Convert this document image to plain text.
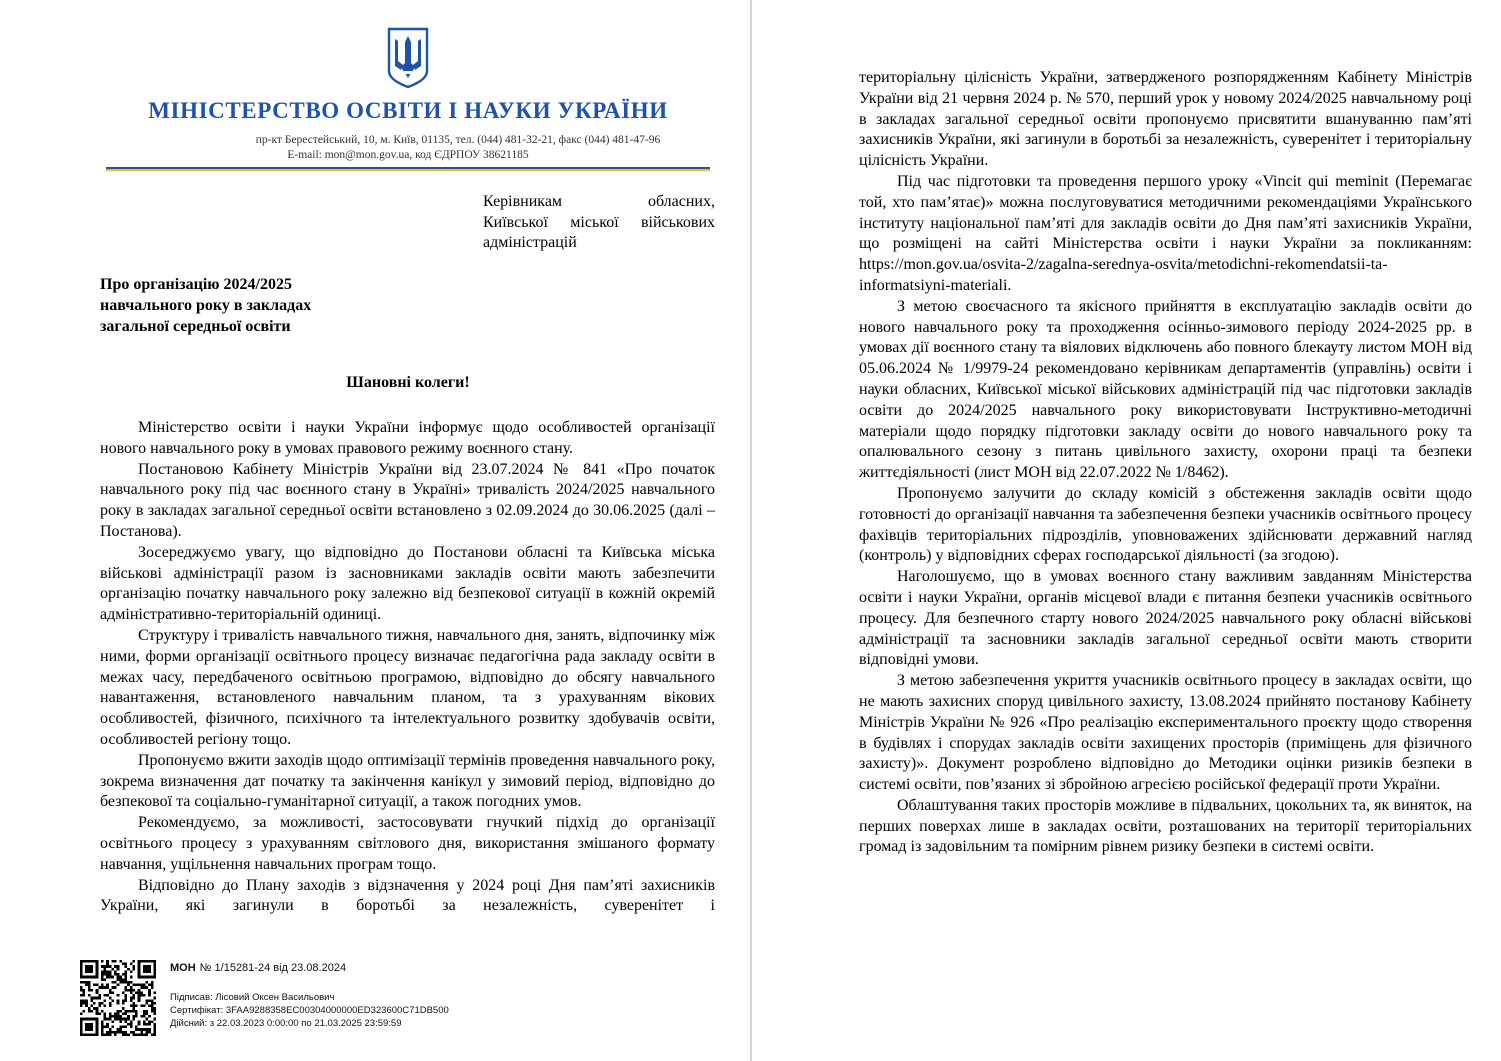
МІНІСТЕРСТВО ОСВІТИ І НАУКИ УКРАЇНИ
пр-кт Берестейський, 10, м. Київ, 01135, тел. (044) 481-32-21, факс (044) 481-47-96
E-mail: mon@mon.gov.ua, код ЄДРПОУ 38621185
Керівникам обласних,
Київської міської військових
адміністрацій
Про організацію 2024/2025
навчального року в закладах
загальної середньої освіти
Шановні колеги!

Міністерство освіти і науки України інформує щодо особливостей організації нового навчального року в умовах правового режиму воєнного стану.

Постановою Кабінету Міністрів України від 23.07.2024 № 841 «Про початок навчального року під час воєнного стану в Україні» тривалість 2024/2025 навчального року в закладах загальної середньої освіти встановлено з 02.09.2024 до 30.06.2025 (далі – Постанова).

Зосереджуємо увагу, що відповідно до Постанови обласні та Київська міська військові адміністрації разом із засновниками закладів освіти мають забезпечити організацію початку навчального року залежно від безпекової ситуації в кожній окремій адміністративно-територіальній одиниці.

Структуру і тривалість навчального тижня, навчального дня, занять, відпочинку між ними, форми організації освітнього процесу визначає педагогічна рада закладу освіти в межах часу, передбаченого освітньою програмою, відповідно до обсягу навчального навантаження, встановленого навчальним планом, та з урахуванням вікових особливостей, фізичного, психічного та інтелектуального розвитку здобувачів освіти, особливостей регіону тощо.

Пропонуємо вжити заходів щодо оптимізації термінів проведення навчального року, зокрема визначення дат початку та закінчення канікул у зимовий період, відповідно до безпекової та соціально-гуманітарної ситуації, а також погодних умов.

Рекомендуємо, за можливості, застосовувати гнучкий підхід до організації освітнього процесу з урахуванням світлового дня, використання змішаного формату навчання, ущільнення навчальних програм тощо.

Відповідно до Плану заходів з відзначення у 2024 році Дня пам’яті захисників України, які загинули в боротьбі за незалежність, суверенітет і

МОН № 1/15281-24 від 23.08.2024
Підписав: Лісовий Оксен Васильович
Сертифікат: 3FAA9288358EC00304000000ED323600C71DB500
Дійсний: з 22.03.2023 0:00:00 по 21.03.2025 23:59:59

територіальну цілісність України, затвердженого розпорядженням Кабінету Міністрів України від 21 червня 2024 р. № 570, перший урок у новому 2024/2025 навчальному році в закладах загальної середньої освіти пропонуємо присвятити вшануванню пам’яті захисників України, які загинули в боротьбі за незалежність, суверенітет і територіальну цілісність України.

Під час підготовки та проведення першого уроку «Vincit qui meminit (Перемагає той, хто пам’ятає)» можна послуговуватися методичними рекомендаціями Українського інституту національної пам’яті для закладів освіти до Дня пам’яті захисників України, що розміщені на сайті Міністерства освіти і науки України за покликанням: https://mon.gov.ua/osvita-2/zagalna-serednya-osvita/metodichni-rekomendatsii-ta-informatsiyni-materiali.

З метою своєчасного та якісного прийняття в експлуатацію закладів освіти до нового навчального року та проходження осінньо-зимового періоду 2024-2025 рр. в умовах дії воєнного стану та віялових відключень або повного блекауту листом МОН від 05.06.2024 № 1/9979-24 рекомендовано керівникам департаментів (управлінь) освіти і науки обласних, Київської міської військових адміністрацій під час підготовки закладів освіти до 2024/2025 навчального року використовувати Інструктивно-методичні матеріали щодо порядку підготовки закладу освіти до нового навчального року та опалювального сезону з питань цивільного захисту, охорони праці та безпеки життєдіяльності (лист МОН від 22.07.2022 № 1/8462).

Пропонуємо залучити до складу комісій з обстеження закладів освіти щодо готовності до організації навчання та забезпечення безпеки учасників освітнього процесу фахівців територіальних підрозділів, уповноважених здійснювати державний нагляд (контроль) у відповідних сферах господарської діяльності (за згодою).

Наголошуємо, що в умовах воєнного стану важливим завданням Міністерства освіти і науки України, органів місцевої влади є питання безпеки учасників освітнього процесу. Для безпечного старту нового 2024/2025 навчального року обласні військові адміністрації та засновники закладів загальної середньої освіти мають створити відповідні умови.

З метою забезпечення укриття учасників освітнього процесу в закладах освіти, що не мають захисних споруд цивільного захисту, 13.08.2024 прийнято постанову Кабінету Міністрів України № 926 «Про реалізацію експериментального проєкту щодо створення в будівлях і спорудах закладів освіти захищених просторів (приміщень для фізичного захисту)». Документ розроблено відповідно до Методики оцінки ризиків безпеки в системі освіти, пов’язаних зі збройною агресією російської федерації проти України.

Облаштування таких просторів можливе в підвальних, цокольних та, як виняток, на перших поверхах лише в закладах освіти, розташованих на території територіальних громад із задовільним та помірним рівнем ризику безпеки в системі освіти.
